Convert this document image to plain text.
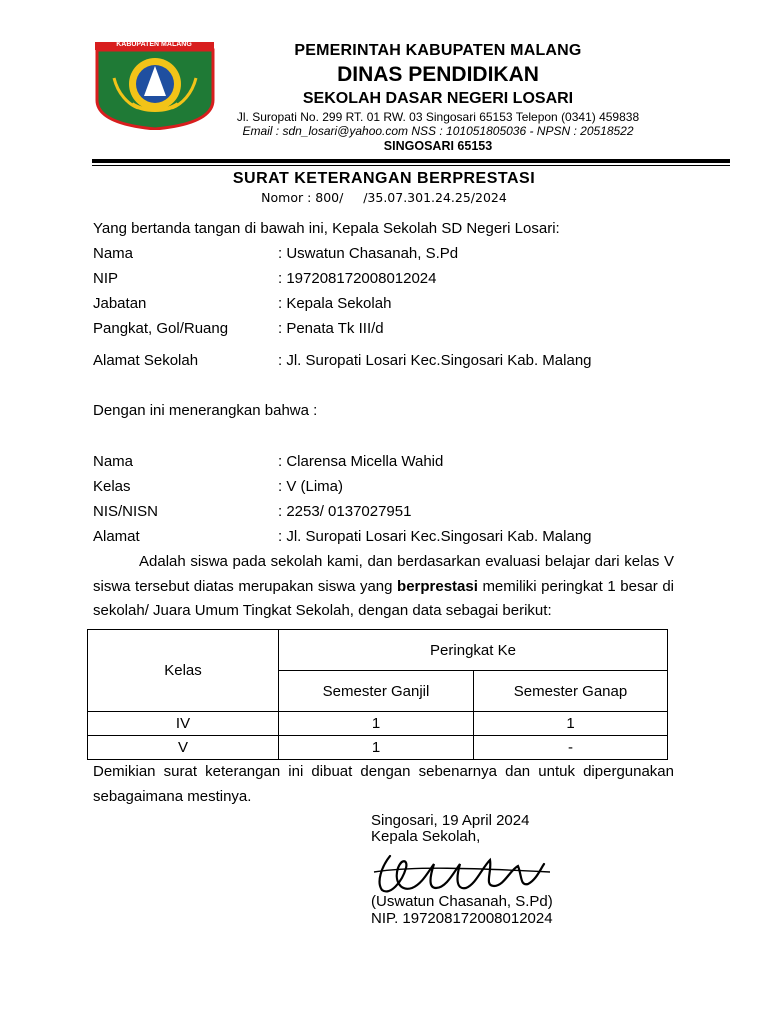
KABUPATEN MALANG	PEMERINTAH KABUPATEN MALANG
DINAS PENDIDIKAN
SEKOLAH DASAR NEGERI LOSARI
Jl. Suropati No. 299 RT. 01 RW. 03 Singosari 65153 Telepon (0341) 459838
Email : sdn_losari@yahoo.com NSS : 101051805036 - NPSN : 20518522
SINGOSARI 65153
SURAT KETERANGAN BERPRESTASI
Nomor : 800/     /35.07.301.24.25/2024
Yang bertanda tangan di bawah ini, Kepala Sekolah SD Negeri Losari:
Nama	: Uswatun Chasanah, S.Pd
NIP	: 197208172008012024
Jabatan	: Kepala Sekolah
Pangkat, Gol/Ruang	: Penata Tk III/d
Alamat Sekolah	: Jl. Suropati Losari Kec.Singosari Kab. Malang
Dengan ini menerangkan bahwa :
Nama	: Clarensa Micella Wahid
Kelas	: V (Lima)
NIS/NISN	: 2253/ 0137027951
Alamat	: Jl. Suropati Losari Kec.Singosari Kab. Malang
Adalah siswa pada sekolah kami, dan berdasarkan evaluasi belajar dari kelas V siswa tersebut diatas merupakan siswa yang berprestasi memiliki peringkat 1 besar di sekolah/ Juara Umum Tingkat Sekolah, dengan data sebagai berikut:
Kelas	Peringkat Ke	
	Semester Ganjil	Semester Ganap
IV	1	1
V	1	-
Demikian surat keterangan ini dibuat dengan sebenarnya dan untuk dipergunakan sebagaimana mestinya.
Singosari, 19 April 2024
Kepala Sekolah,
(Uswatun Chasanah, S.Pd)
NIP. 197208172008012024
